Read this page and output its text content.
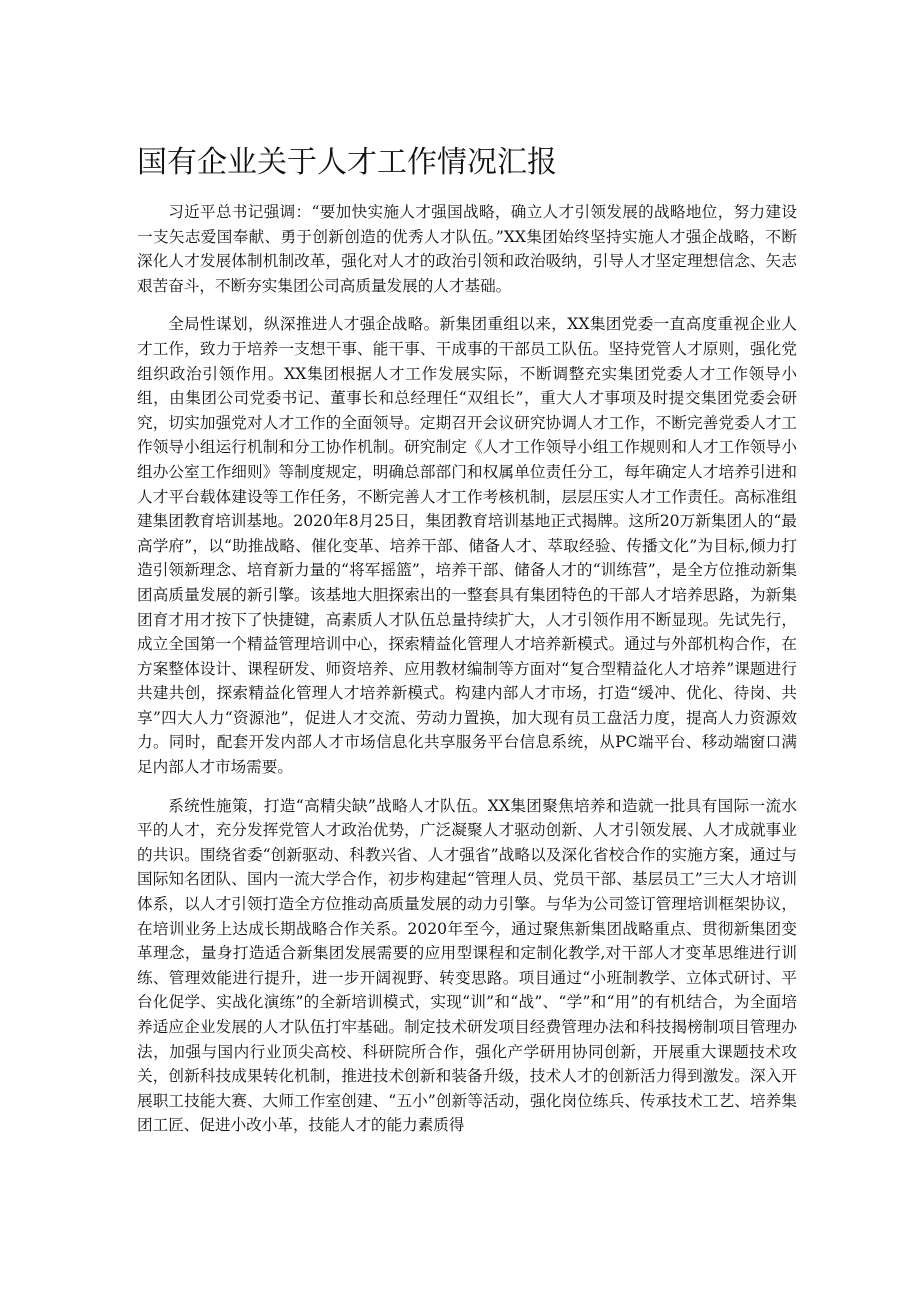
国有企业关于人才工作情况汇报

习近平总书记强调：“要加快实施人才强国战略，确立人才引领发展的战略地位，努力建设一支矢志爱国奉献、勇于创新创造的优秀人才队伍。”XX集团始终坚持实施人才强企战略，不断深化人才发展体制机制改革，强化对人才的政治引领和政治吸纳，引导人才坚定理想信念、矢志艰苦奋斗，不断夯实集团公司高质量发展的人才基础。

全局性谋划，纵深推进人才强企战略。新集团重组以来，XX集团党委一直高度重视企业人才工作，致力于培养一支想干事、能干事、干成事的干部员工队伍。坚持党管人才原则，强化党组织政治引领作用。XX集团根据人才工作发展实际，不断调整充实集团党委人才工作领导小组，由集团公司党委书记、董事长和总经理任“双组长”，重大人才事项及时提交集团党委会研究，切实加强党对人才工作的全面领导。定期召开会议研究协调人才工作，不断完善党委人才工作领导小组运行机制和分工协作机制。研究制定《人才工作领导小组工作规则和人才工作领导小组办公室工作细则》等制度规定，明确总部部门和权属单位责任分工，每年确定人才培养引进和人才平台载体建设等工作任务，不断完善人才工作考核机制，层层压实人才工作责任。高标准组建集团教育培训基地。2020年8月25日，集团教育培训基地正式揭牌。这所20万新集团人的“最高学府”，以“助推战略、催化变革、培养干部、储备人才、萃取经验、传播文化”为目标,倾力打造引领新理念、培育新力量的“将军摇篮”，培养干部、储备人才的“训练营”，是全方位推动新集团高质量发展的新引擎。该基地大胆探索出的一整套具有集团特色的干部人才培养思路，为新集团育才用才按下了快捷键，高素质人才队伍总量持续扩大，人才引领作用不断显现。先试先行，成立全国第一个精益管理培训中心，探索精益化管理人才培养新模式。通过与外部机构合作，在方案整体设计、课程研发、师资培养、应用教材编制等方面对“复合型精益化人才培养”课题进行共建共创，探索精益化管理人才培养新模式。构建内部人才市场，打造“缓冲、优化、待岗、共享”四大人力“资源池”，促进人才交流、劳动力置换，加大现有员工盘活力度，提高人力资源效力。同时，配套开发内部人才市场信息化共享服务平台信息系统，从PC端平台、移动端窗口满足内部人才市场需要。

系统性施策，打造“高精尖缺”战略人才队伍。XX集团聚焦培养和造就一批具有国际一流水平的人才，充分发挥党管人才政治优势，广泛凝聚人才驱动创新、人才引领发展、人才成就事业的共识。围绕省委“创新驱动、科教兴省、人才强省”战略以及深化省校合作的实施方案，通过与国际知名团队、国内一流大学合作，初步构建起“管理人员、党员干部、基层员工”三大人才培训体系，以人才引领打造全方位推动高质量发展的动力引擎。与华为公司签订管理培训框架协议，在培训业务上达成长期战略合作关系。2020年至今，通过聚焦新集团战略重点、贯彻新集团变革理念，量身打造适合新集团发展需要的应用型课程和定制化教学,对干部人才变革思维进行训练、管理效能进行提升，进一步开阔视野、转变思路。项目通过“小班制教学、立体式研讨、平台化促学、实战化演练”的全新培训模式，实现“训”和“战”、“学”和“用”的有机结合，为全面培养适应企业发展的人才队伍打牢基础。制定技术研发项目经费管理办法和科技揭榜制项目管理办法，加强与国内行业顶尖高校、科研院所合作，强化产学研用协同创新，开展重大课题技术攻关，创新科技成果转化机制，推进技术创新和装备升级，技术人才的创新活力得到激发。深入开展职工技能大赛、大师工作室创建、“五小”创新等活动，强化岗位练兵、传承技术工艺、培养集团工匠、促进小改小革，技能人才的能力素质得
